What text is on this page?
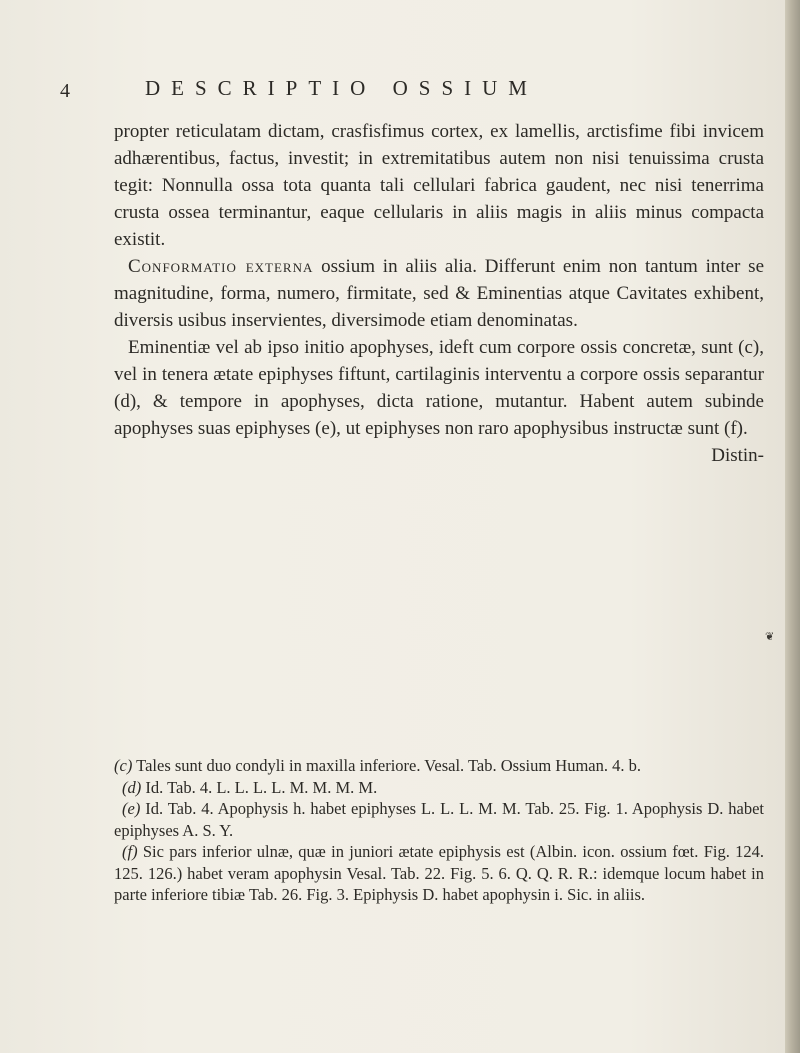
4	DESCRIPTIO OSSIUM

propter reticulatam dictam, crasfisfimus cortex, ex lamellis, arctisfime fibi invicem adhærentibus, factus, investit; in extremitatibus autem non nisi tenuissima crusta tegit: Nonnulla ossa tota quanta tali cellulari fabrica gaudent, nec nisi tenerrima crusta ossea terminantur, eaque cellularis in aliis magis in aliis minus compacta existit.

Conformatio externa ossium in aliis alia. Differunt enim non tantum inter se magnitudine, forma, numero, firmitate, sed & Eminentias atque Cavitates exhibent, diversis usibus inservientes, diversimode etiam denominatas.

Eminentiæ vel ab ipso initio apophyses, ideft cum corpore ossis concretæ, sunt (c), vel in tenera ætate epiphyses fiftunt, cartilaginis interventu a corpore ossis separantur (d), & tempore in apophyses, dicta ratione, mutantur. Habent autem subinde apophyses suas epiphyses (e), ut epiphyses non raro apophysibus instructæ sunt (f).

Distin-

(c) Tales sunt duo condyli in maxilla inferiore. Vesal. Tab. Ossium Human. 4. b.

(d) Id. Tab. 4. L. L. L. L. M. M. M. M.

(e) Id. Tab. 4. Apophysis h. habet epiphyses L. L. L. M. M. Tab. 25. Fig. 1. Apophysis D. habet epiphyses A. S. Y.

(f) Sic pars inferior ulnæ, quæ in juniori ætate epiphysis est (Albin. icon. ossium fœt. Fig. 124. 125. 126.) habet veram apophysin Vesal. Tab. 22. Fig. 5. 6. Q. Q. R. R.: idemque locum habet in parte inferiore tibiæ Tab. 26. Fig. 3. Epiphysis D. habet apophysin i. Sic. in aliis.

❦
